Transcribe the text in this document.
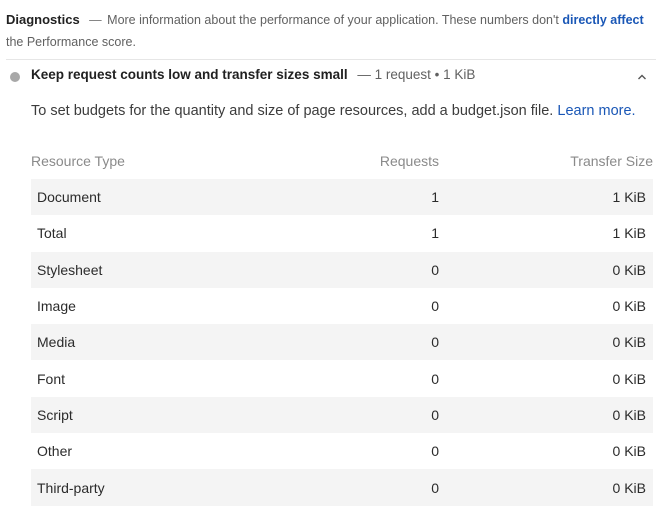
Diagnostics — More information about the performance of your application. These numbers don't directly affect the Performance score.
Keep request counts low and transfer sizes small — 1 request • 1 KiB
To set budgets for the quantity and size of page resources, add a budget.json file. Learn more.
Resource Type	Requests	Transfer Size
Document	1	1 KiB
Total	1	1 KiB
Stylesheet	0	0 KiB
Image	0	0 KiB
Media	0	0 KiB
Font	0	0 KiB
Script	0	0 KiB
Other	0	0 KiB
Third-party	0	0 KiB
